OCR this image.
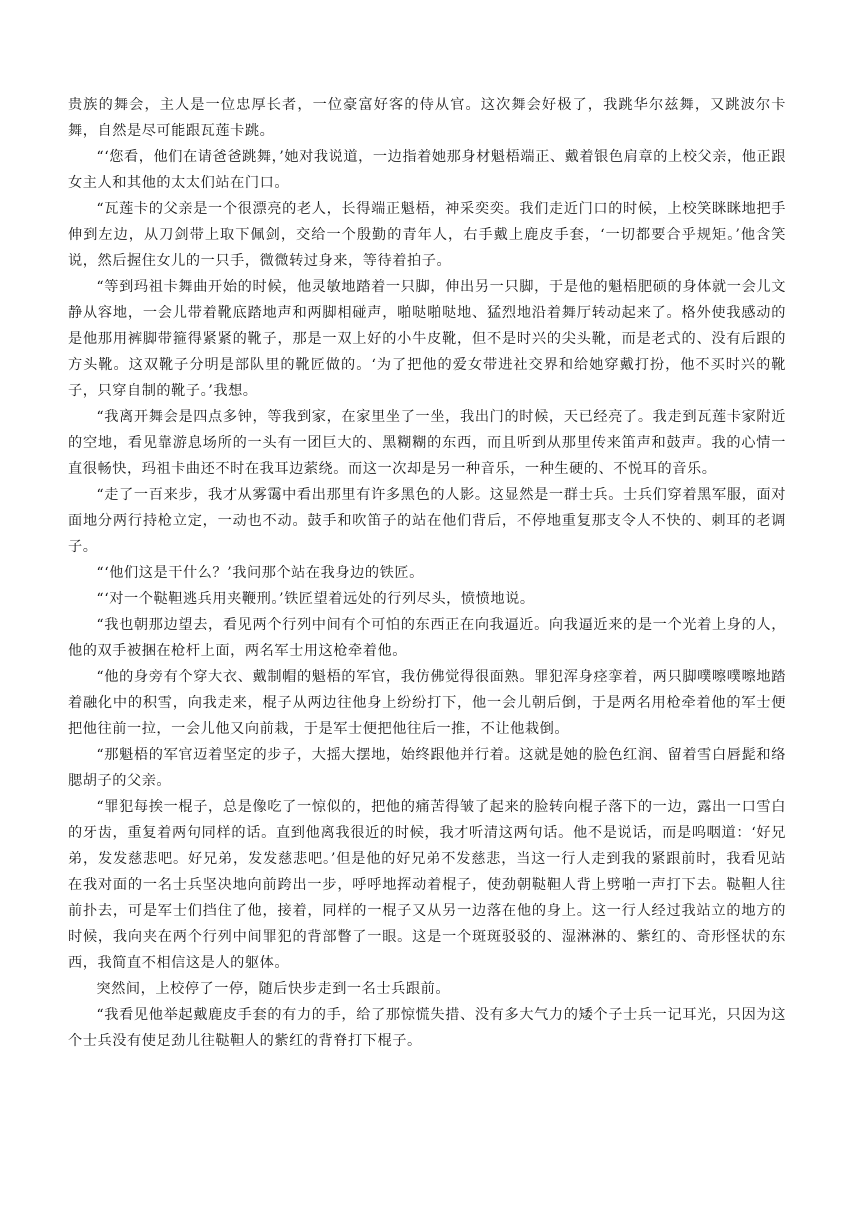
贵族的舞会，主人是一位忠厚长者，一位豪富好客的侍从官。这次舞会好极了，我跳华尔兹舞，又跳波尔卡舞，自然是尽可能跟瓦莲卡跳。

“‘您看，他们在请爸爸跳舞，’她对我说道，一边指着她那身材魁梧端正、戴着银色肩章的上校父亲，他正跟女主人和其他的太太们站在门口。

“瓦莲卡的父亲是一个很漂亮的老人，长得端正魁梧，神采奕奕。我们走近门口的时候，上校笑眯眯地把手伸到左边，从刀剑带上取下佩剑，交给一个殷勤的青年人，右手戴上鹿皮手套，‘一切都要合乎规矩。’他含笑说，然后握住女儿的一只手，微微转过身来，等待着拍子。

“等到玛祖卡舞曲开始的时候，他灵敏地踏着一只脚，伸出另一只脚，于是他的魁梧肥硕的身体就一会儿文静从容地，一会儿带着靴底踏地声和两脚相碰声，啪哒啪哒地、猛烈地沿着舞厅转动起来了。格外使我感动的是他那用裤脚带箍得紧紧的靴子，那是一双上好的小牛皮靴，但不是时兴的尖头靴，而是老式的、没有后跟的方头靴。这双靴子分明是部队里的靴匠做的。‘为了把他的爱女带进社交界和给她穿戴打扮，他不买时兴的靴子，只穿自制的靴子。’我想。

“我离开舞会是四点多钟，等我到家，在家里坐了一坐，我出门的时候，天已经亮了。我走到瓦莲卡家附近的空地，看见靠游息场所的一头有一团巨大的、黑糊糊的东西，而且听到从那里传来笛声和鼓声。我的心情一直很畅快，玛祖卡曲还不时在我耳边萦绕。而这一次却是另一种音乐，一种生硬的、不悦耳的音乐。

“走了一百来步，我才从雾霭中看出那里有许多黑色的人影。这显然是一群士兵。士兵们穿着黑军服，面对面地分两行持枪立定，一动也不动。鼓手和吹笛子的站在他们背后，不停地重复那支令人不快的、刺耳的老调子。

“‘他们这是干什么？’我问那个站在我身边的铁匠。

“‘对一个鞑靼逃兵用夹鞭刑。’铁匠望着远处的行列尽头，愤愤地说。

“我也朝那边望去，看见两个行列中间有个可怕的东西正在向我逼近。向我逼近来的是一个光着上身的人，他的双手被捆在枪杆上面，两名军士用这枪牵着他。

“他的身旁有个穿大衣、戴制帽的魁梧的军官，我仿佛觉得很面熟。罪犯浑身痉挛着，两只脚噗嚓噗嚓地踏着融化中的积雪，向我走来，棍子从两边往他身上纷纷打下，他一会儿朝后倒，于是两名用枪牵着他的军士便把他往前一拉，一会儿他又向前栽，于是军士便把他往后一推，不让他栽倒。

“那魁梧的军官迈着坚定的步子，大摇大摆地，始终跟他并行着。这就是她的脸色红润、留着雪白唇髭和络腮胡子的父亲。

“罪犯每挨一棍子，总是像吃了一惊似的，把他的痛苦得皱了起来的脸转向棍子落下的一边，露出一口雪白的牙齿，重复着两句同样的话。直到他离我很近的时候，我才听清这两句话。他不是说话，而是呜咽道：‘好兄弟，发发慈悲吧。好兄弟，发发慈悲吧。’但是他的好兄弟不发慈悲，当这一行人走到我的紧跟前时，我看见站在我对面的一名士兵坚决地向前跨出一步，呼呼地挥动着棍子，使劲朝鞑靼人背上劈啪一声打下去。鞑靼人往前扑去，可是军士们挡住了他，接着，同样的一棍子又从另一边落在他的身上。这一行人经过我站立的地方的时候，我向夹在两个行列中间罪犯的背部瞥了一眼。这是一个斑斑驳驳的、湿淋淋的、紫红的、奇形怪状的东西，我简直不相信这是人的躯体。

突然间，上校停了一停，随后快步走到一名士兵跟前。

“我看见他举起戴鹿皮手套的有力的手，给了那惊慌失措、没有多大气力的矮个子士兵一记耳光，只因为这个士兵没有使足劲儿往鞑靼人的紫红的背脊打下棍子。
